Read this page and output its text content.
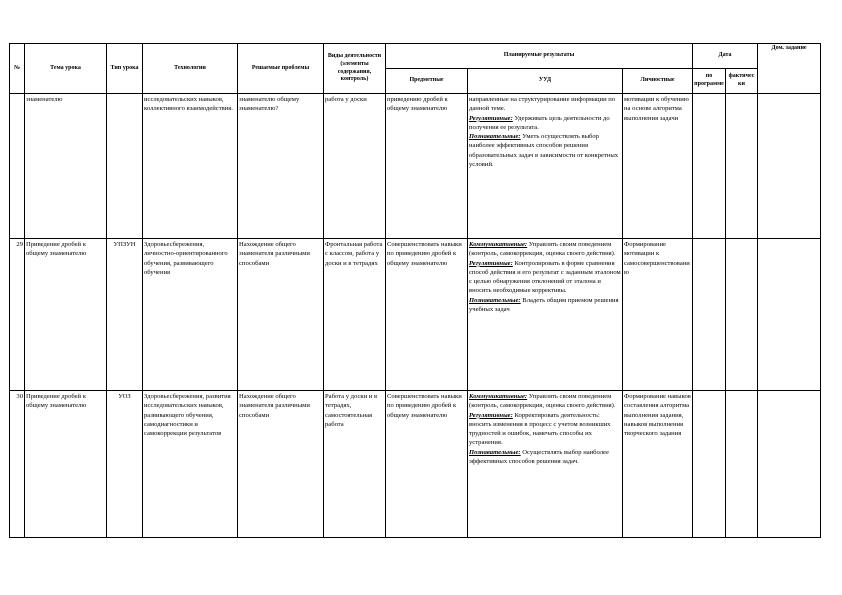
№	Тема урока	Тип урока	Технологии	Решаемые проблемы	Виды деятельности (элементы содержания, контроль)	Планируемые результаты			Дата		Дом. задание
						Предметные	УУД	Личностные	по программе	фактически	
	знаменателю		исследовательских навыков, коллективного взаимодействия.	знаменателю общему знаменателю?	работа у доски	приведению дробей к общему знаменателю	направленные на структурирование информации по данной теме.

Регулятивные: Удерживать цель деятельности до получения ее результата.

Познавательные: Уметь осуществлять выбор наиболее эффективных способов решения образовательных задач в зависимости от конкретных условий.	мотивации к обучению на основе алгоритма выполнения задачи			
29	Приведение дробей к общему знаменателю	УПЗУН	Здоровьесбережения, личностно-ориентированного обучения, развивающего обучения	Нахождение общего знаменателя различными способами	Фронтальная работа с классом, работа у доски и в тетрадях	Совершенствовать навыки по приведению дробей к общему знаменателю	Коммуникативные: Управлять своим поведением (контроль, самокоррекция, оценка своего действия).

Регулятивные: Контролировать в форме сравнения способ действия и его результат с заданным эталоном с целью обнаружения отклонений от эталона и вносить необходимые коррективы.

Познавательные: Владеть общим приемом решения учебных задач	Формирование мотивации к самосовершенствованию			
30	Приведение дробей к общему знаменателю	УОЗ	Здоровьесбережения, развития исследовательских навыков, развивающего обучения, самодиагностики и самокоррекции результатов	Нахождение общего знаменателя различными способами	Работа у доски и в тетрадях, самостоятельная работа	Совершенствовать навыки по приведению дробей к общему знаменателю	Коммуникативные: Управлять своим поведением (контроль, самокоррекция, оценка своего действия).

Регулятивные: Корректировать деятельность: вносить изменения в процесс с учетом возникших трудностей и ошибок, намечать способы их устранения.

Познавательные: Осуществлять выбор наиболее эффективных способов решения задач.	Формирование навыков составления алгоритма выполнения задания, навыков выполнения творческого задания			
